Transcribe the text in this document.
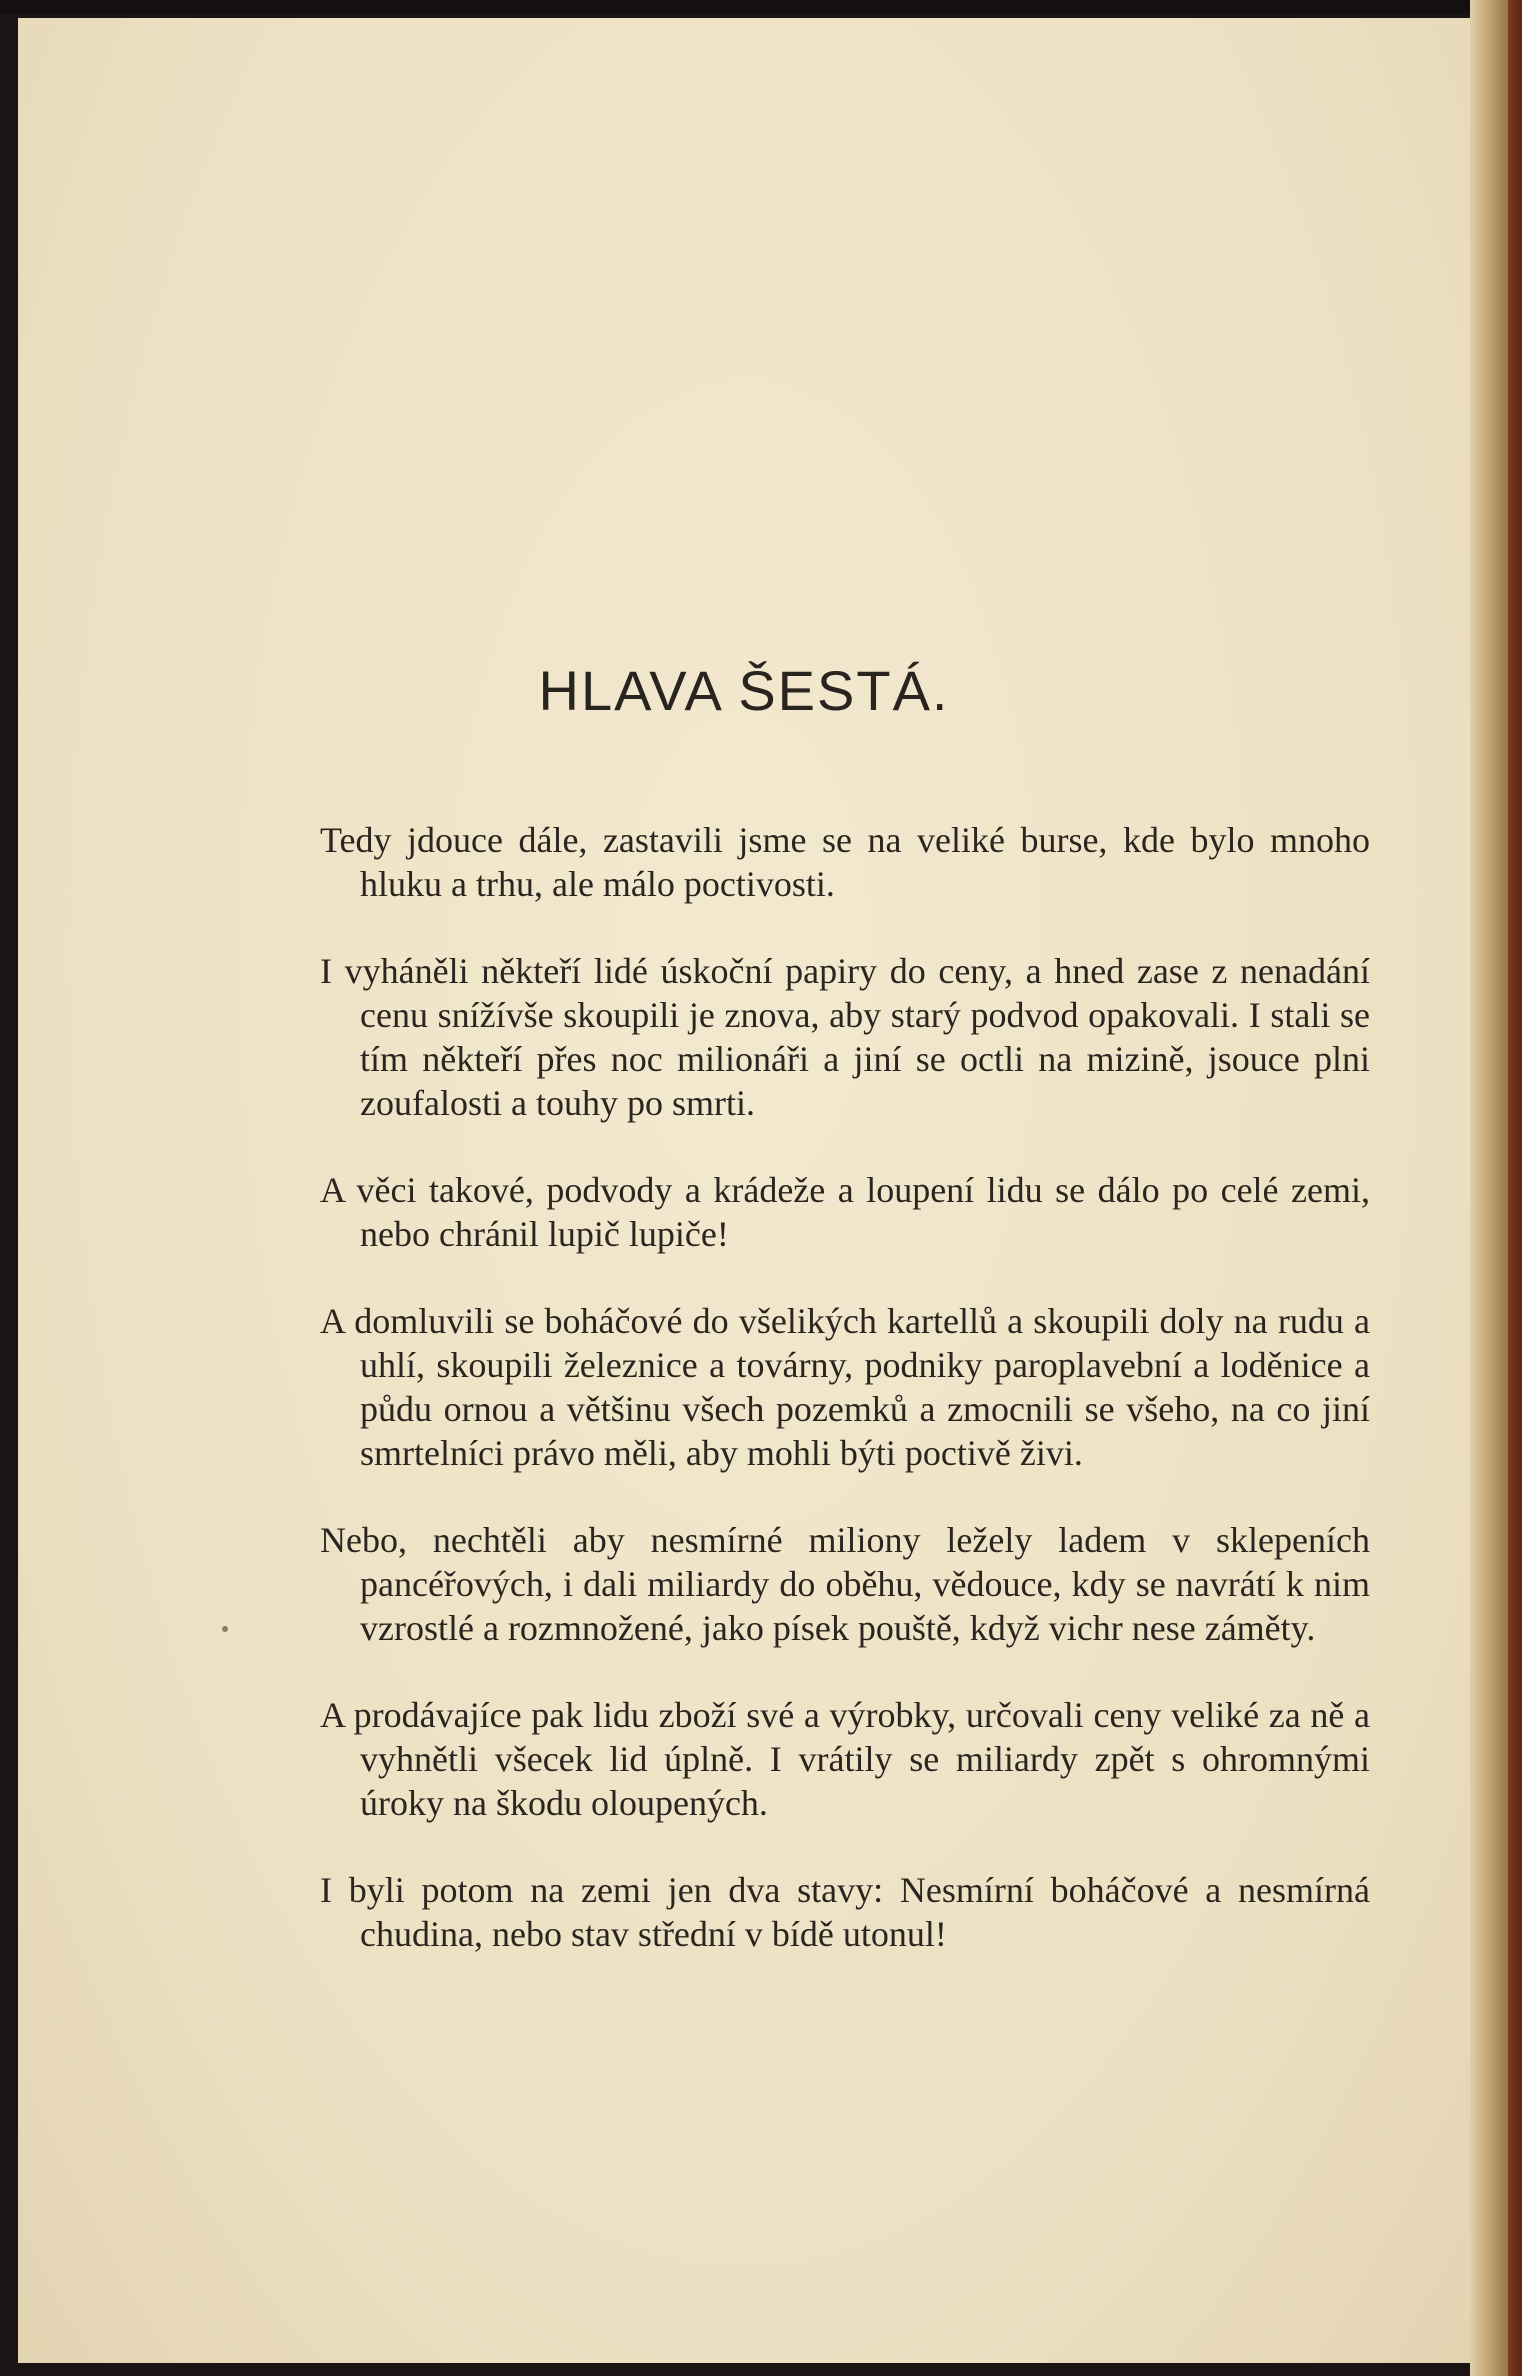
HLAVA ŠESTÁ.

Tedy jdouce dále, zastavili jsme se na veliké burse, kde bylo mnoho hluku a trhu, ale málo poctivosti.

I vyháněli někteří lidé úskoční papiry do ceny, a hned zase z nenadání cenu snížívše skoupili je znova, aby starý podvod opakovali. I stali se tím někteří přes noc milionáři a jiní se octli na mizině, jsouce plni zoufalosti a touhy po smrti.

A věci takové, podvody a krádeže a loupení lidu se dálo po celé zemi, nebo chránil lupič lupiče!

A domluvili se boháčové do všelikých kartellů a skoupili doly na rudu a uhlí, skoupili železnice a továrny, podniky paroplavební a loděnice a půdu ornou a většinu všech pozemků a zmocnili se všeho, na co jiní smrtelníci právo měli, aby mohli býti poctivě živi.

Nebo, nechtěli aby nesmírné miliony ležely ladem v sklepeních pancéřových, i dali miliardy do oběhu, vědouce, kdy se navrátí k nim vzrostlé a rozmnožené, jako písek pouště, když vichr nese záměty.

A prodávajíce pak lidu zboží své a výrobky, určovali ceny veliké za ně a vyhnětli všecek lid úplně. I vrátily se miliardy zpět s ohromnými úroky na škodu oloupených.

I byli potom na zemi jen dva stavy: Nesmírní boháčové a nesmírná chudina, nebo stav střední v bídě utonul!
